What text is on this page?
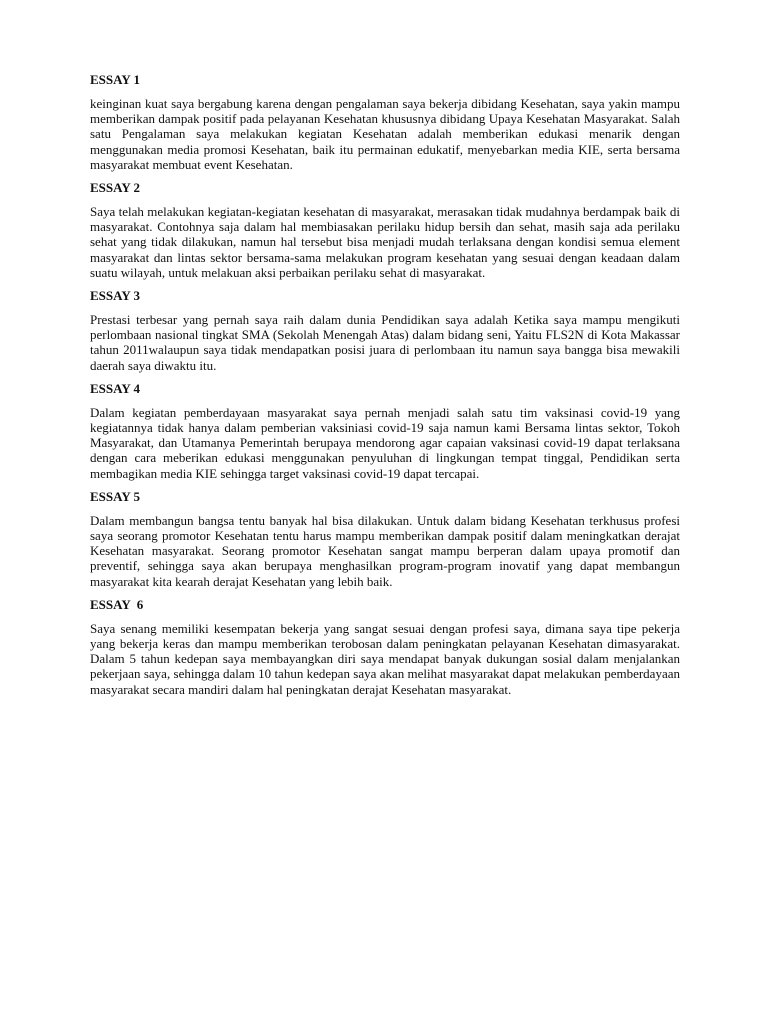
ESSAY 1

keinginan kuat saya bergabung karena dengan pengalaman saya bekerja dibidang Kesehatan, saya yakin mampu memberikan dampak positif pada pelayanan Kesehatan khususnya dibidang Upaya Kesehatan Masyarakat. Salah satu Pengalaman saya melakukan kegiatan Kesehatan adalah memberikan edukasi menarik dengan menggunakan media promosi Kesehatan, baik itu permainan edukatif, menyebarkan media KIE, serta bersama masyarakat membuat event Kesehatan.

ESSAY 2

Saya telah melakukan kegiatan-kegiatan kesehatan di masyarakat, merasakan tidak mudahnya berdampak baik di masyarakat. Contohnya saja dalam hal membiasakan perilaku hidup bersih dan sehat, masih saja ada perilaku sehat yang tidak dilakukan, namun hal tersebut bisa menjadi mudah terlaksana dengan kondisi semua element masyarakat dan lintas sektor bersama-sama melakukan program kesehatan yang sesuai dengan keadaan dalam suatu wilayah, untuk melakuan aksi perbaikan perilaku sehat di masyarakat.

ESSAY 3

Prestasi terbesar yang pernah saya raih dalam dunia Pendidikan saya adalah Ketika saya mampu mengikuti perlombaan nasional tingkat SMA (Sekolah Menengah Atas) dalam bidang seni, Yaitu FLS2N di Kota Makassar tahun 2011walaupun saya tidak mendapatkan posisi juara di perlombaan itu namun saya bangga bisa mewakili daerah saya diwaktu itu.

ESSAY 4

Dalam kegiatan pemberdayaan masyarakat saya pernah menjadi salah satu tim vaksinasi covid-19 yang kegiatannya tidak hanya dalam pemberian vaksiniasi covid-19 saja namun kami Bersama lintas sektor, Tokoh Masyarakat, dan Utamanya Pemerintah berupaya mendorong agar capaian vaksinasi covid-19 dapat terlaksana dengan cara meberikan edukasi menggunakan penyuluhan di lingkungan tempat tinggal, Pendidikan serta membagikan media KIE sehingga target vaksinasi covid-19 dapat tercapai.

ESSAY 5

Dalam membangun bangsa tentu banyak hal bisa dilakukan. Untuk dalam bidang Kesehatan terkhusus profesi saya seorang promotor Kesehatan tentu harus mampu memberikan dampak positif dalam meningkatkan derajat Kesehatan masyarakat. Seorang promotor Kesehatan sangat mampu berperan dalam upaya promotif dan preventif, sehingga saya akan berupaya menghasilkan program-program inovatif yang dapat membangun masyarakat kita kearah derajat Kesehatan yang lebih baik.

ESSAY  6

Saya senang memiliki kesempatan bekerja yang sangat sesuai dengan profesi saya, dimana saya tipe pekerja yang bekerja keras dan mampu memberikan terobosan dalam peningkatan pelayanan Kesehatan dimasyarakat. Dalam 5 tahun kedepan saya membayangkan diri saya mendapat banyak dukungan sosial dalam menjalankan pekerjaan saya, sehingga dalam 10 tahun kedepan saya akan melihat masyarakat dapat melakukan pemberdayaan masyarakat secara mandiri dalam hal peningkatan derajat Kesehatan masyarakat.
